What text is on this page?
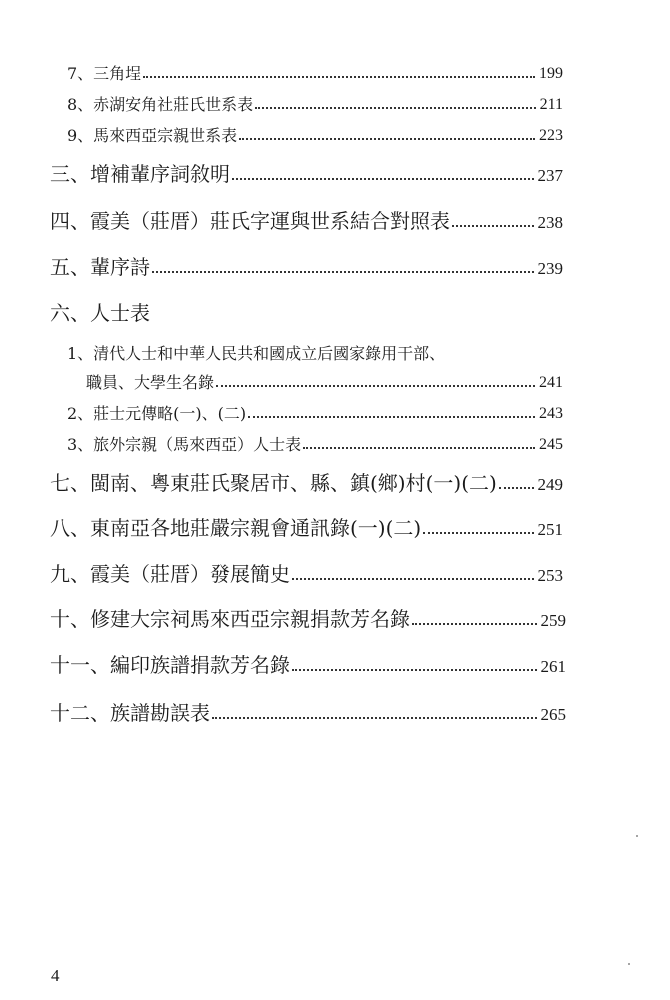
7、三角埕	199
8、赤湖安角社莊氏世系表	211
9、馬來西亞宗親世系表	223
三、增補輩序詞敘明	237
四、霞美（莊厝）莊氏字運與世系結合對照表	238
五、輩序詩	239
六、人士表
1、清代人士和中華人民共和國成立后國家錄用干部、
職員、大學生名錄	241
2、莊士元傳略(一)、(二)	243
3、旅外宗親（馬來西亞）人士表	245
七、閩南、粵東莊氏聚居市、縣、鎮(鄉)村(一)(二) 249
八、東南亞各地莊嚴宗親會通訊錄(一)(二)	251
九、霞美（莊厝）發展簡史	253
十、修建大宗祠馬來西亞宗親捐款芳名錄	259
十一、編印族譜捐款芳名錄	261
十二、族譜勘誤表	265
4
